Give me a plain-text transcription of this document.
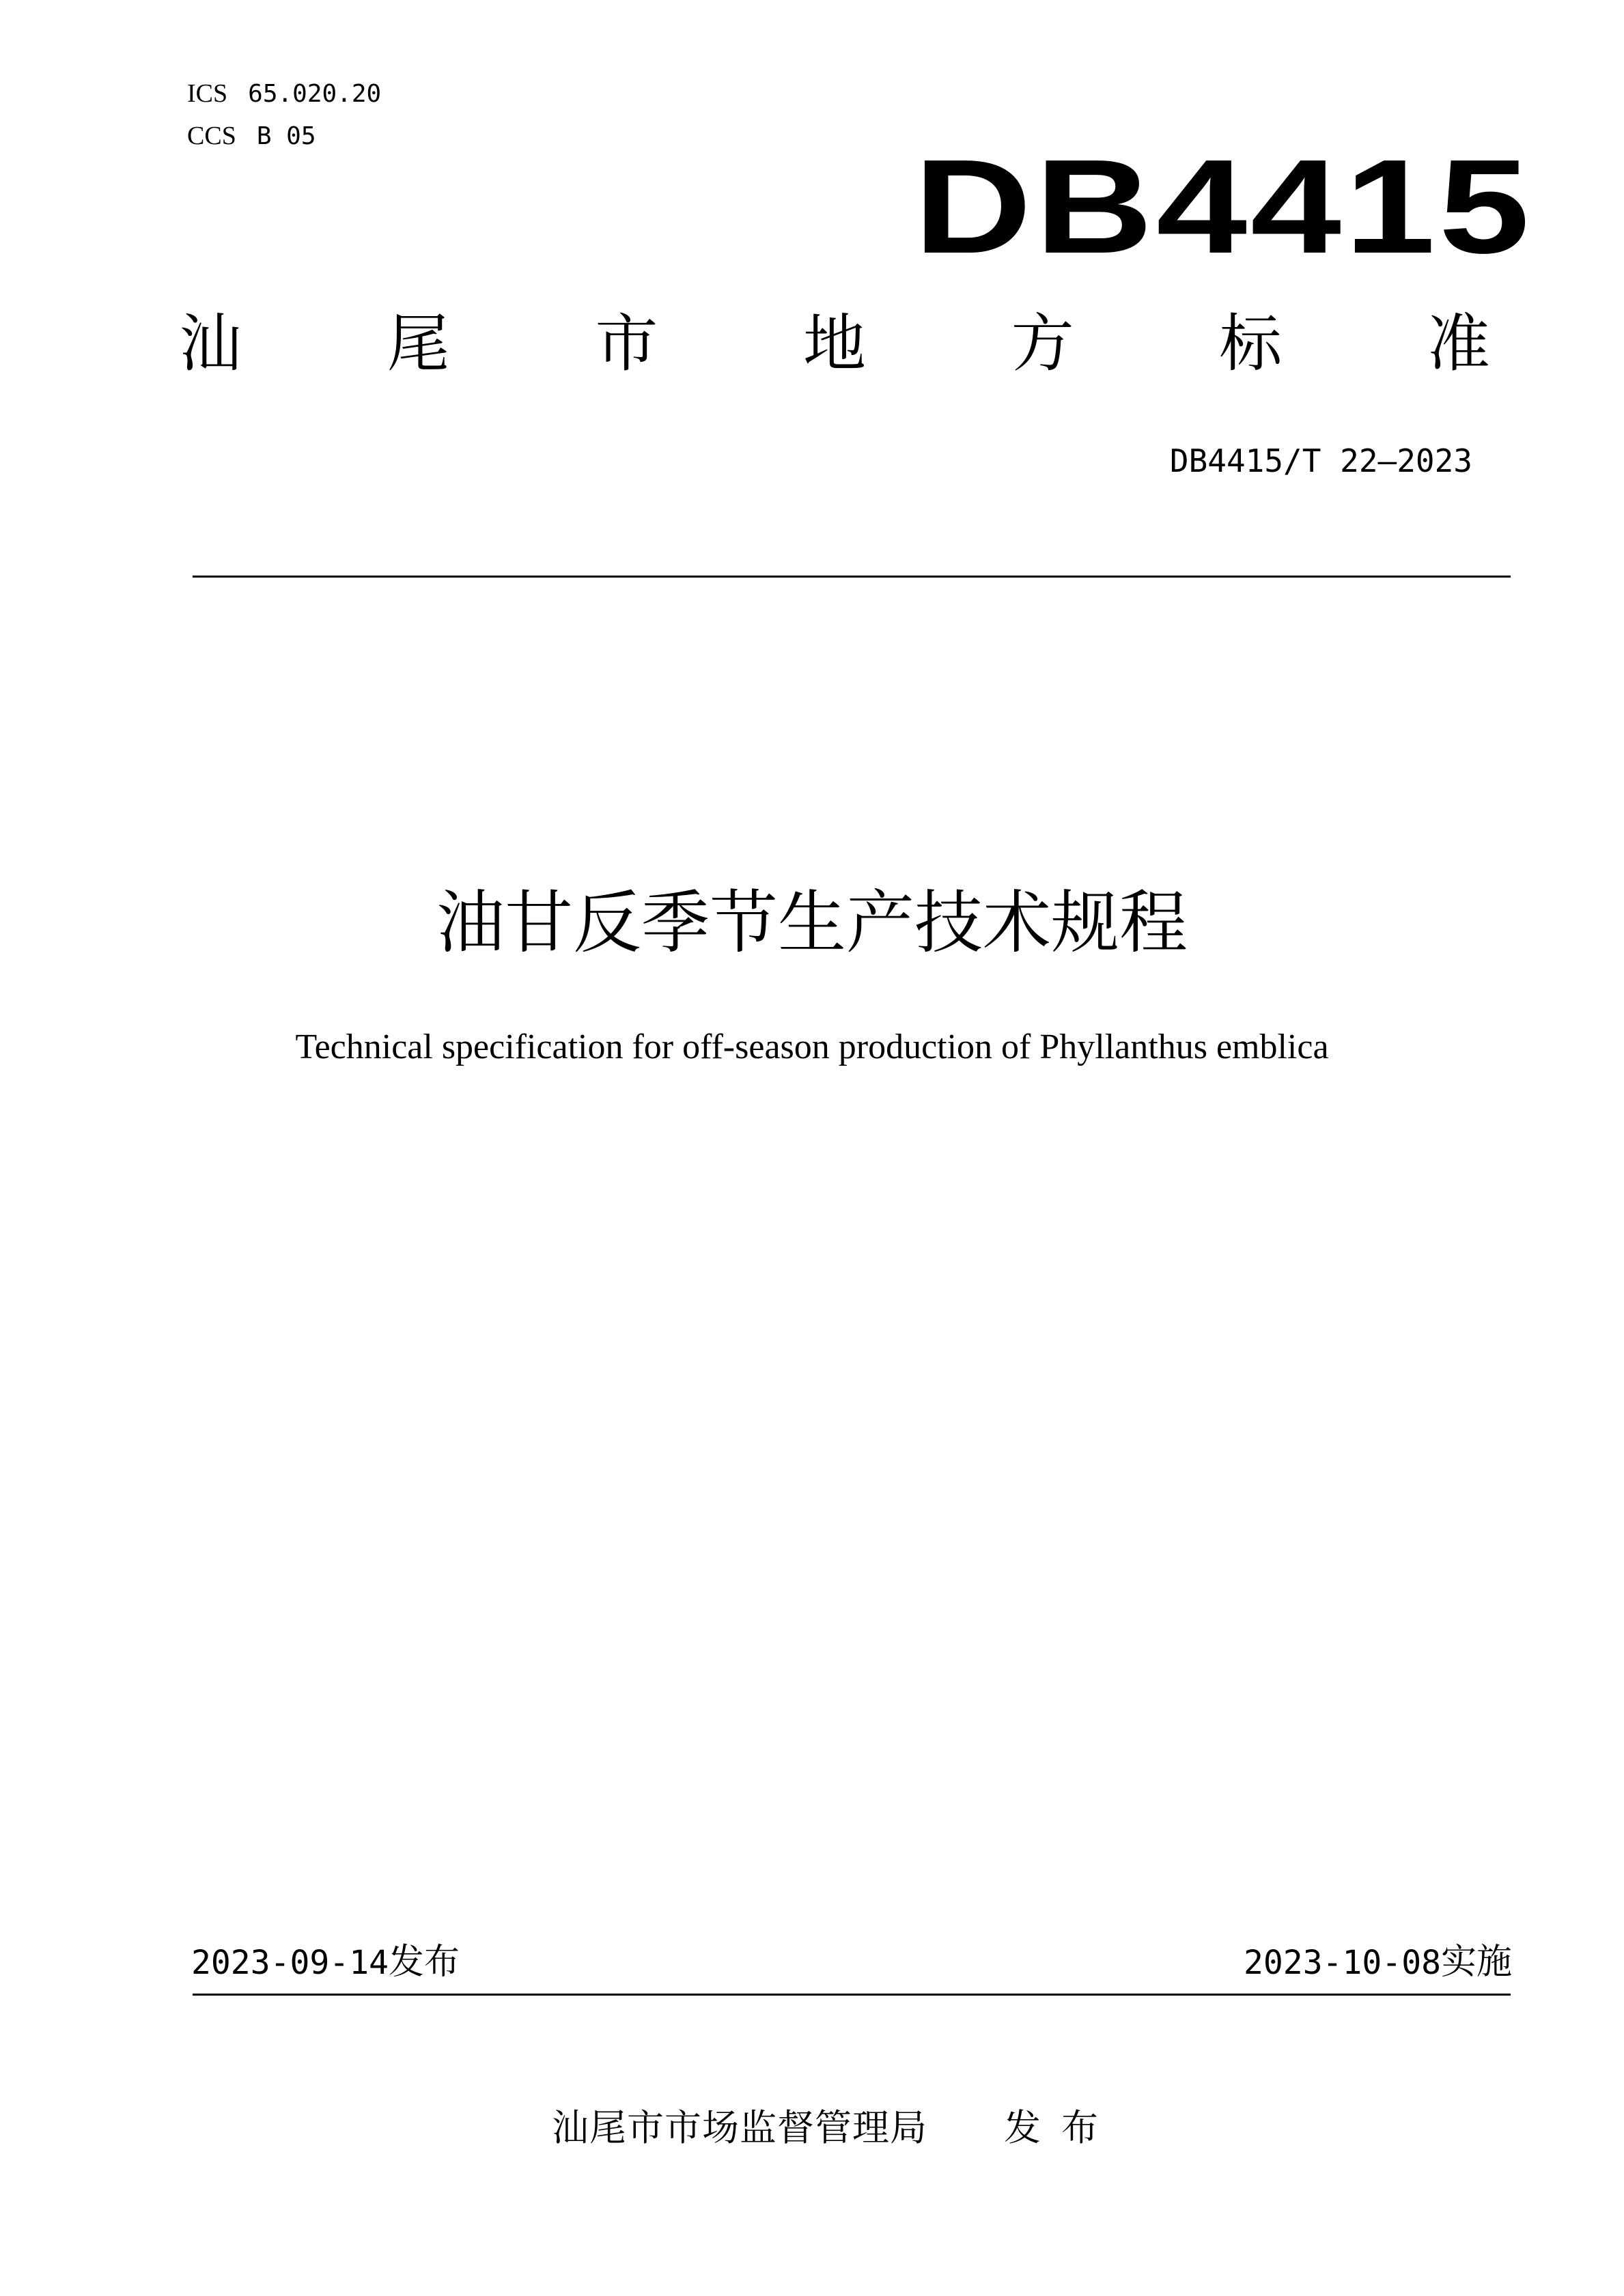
ICS 65.020.20
CCS B 05	DB4415
汕 尾 市 地 方 标 准
DB4415/T 22—2023
油甘反季节生产技术规程
Technical specification for off-season production of Phyllanthus emblica
2023-09-14发布	2023-10-08实施
汕尾市市场监督管理局 发布
